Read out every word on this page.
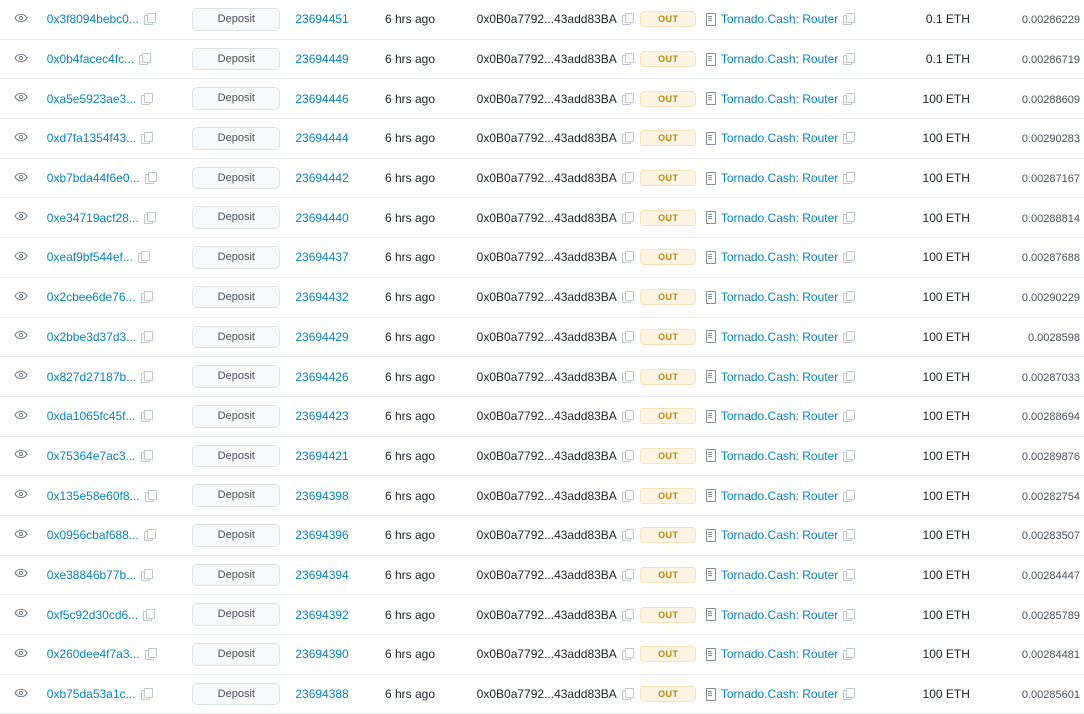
0x3f8094bebc0...	Deposit	23694451	6 hrs ago	0x0B0a7792...43add83BA	OUT	Tornado.Cash: Router	0.1 ETH	0.00286229

0x0b4facec4fc...	Deposit	23694449	6 hrs ago	0x0B0a7792...43add83BA	OUT	Tornado.Cash: Router	0.1 ETH	0.00286719

0xa5e5923ae3...	Deposit	23694446	6 hrs ago	0x0B0a7792...43add83BA	OUT	Tornado.Cash: Router	100 ETH	0.00288609

0xd7fa1354f43...	Deposit	23694444	6 hrs ago	0x0B0a7792...43add83BA	OUT	Tornado.Cash: Router	100 ETH	0.00290283

0xb7bda44f6e0...	Deposit	23694442	6 hrs ago	0x0B0a7792...43add83BA	OUT	Tornado.Cash: Router	100 ETH	0.00287167

0xe34719acf28...	Deposit	23694440	6 hrs ago	0x0B0a7792...43add83BA	OUT	Tornado.Cash: Router	100 ETH	0.00288814

0xeaf9bf544ef...	Deposit	23694437	6 hrs ago	0x0B0a7792...43add83BA	OUT	Tornado.Cash: Router	100 ETH	0.00287688

0x2cbee6de76...	Deposit	23694432	6 hrs ago	0x0B0a7792...43add83BA	OUT	Tornado.Cash: Router	100 ETH	0.00290229

0x2bbe3d37d3...	Deposit	23694429	6 hrs ago	0x0B0a7792...43add83BA	OUT	Tornado.Cash: Router	100 ETH	0.0028598

0x827d27187b...	Deposit	23694426	6 hrs ago	0x0B0a7792...43add83BA	OUT	Tornado.Cash: Router	100 ETH	0.00287033

0xda1065fc45f...	Deposit	23694423	6 hrs ago	0x0B0a7792...43add83BA	OUT	Tornado.Cash: Router	100 ETH	0.00288694

0x75364e7ac3...	Deposit	23694421	6 hrs ago	0x0B0a7792...43add83BA	OUT	Tornado.Cash: Router	100 ETH	0.00289876

0x135e58e60f8...	Deposit	23694398	6 hrs ago	0x0B0a7792...43add83BA	OUT	Tornado.Cash: Router	100 ETH	0.00282754

0x0956cbaf688...	Deposit	23694396	6 hrs ago	0x0B0a7792...43add83BA	OUT	Tornado.Cash: Router	100 ETH	0.00283507

0xe38846b77b...	Deposit	23694394	6 hrs ago	0x0B0a7792...43add83BA	OUT	Tornado.Cash: Router	100 ETH	0.00284447

0xf5c92d30cd6...	Deposit	23694392	6 hrs ago	0x0B0a7792...43add83BA	OUT	Tornado.Cash: Router	100 ETH	0.00285789

0x260dee4f7a3...	Deposit	23694390	6 hrs ago	0x0B0a7792...43add83BA	OUT	Tornado.Cash: Router	100 ETH	0.00284481

0xb75da53a1c...	Deposit	23694388	6 hrs ago	0x0B0a7792...43add83BA	OUT	Tornado.Cash: Router	100 ETH	0.00285601
